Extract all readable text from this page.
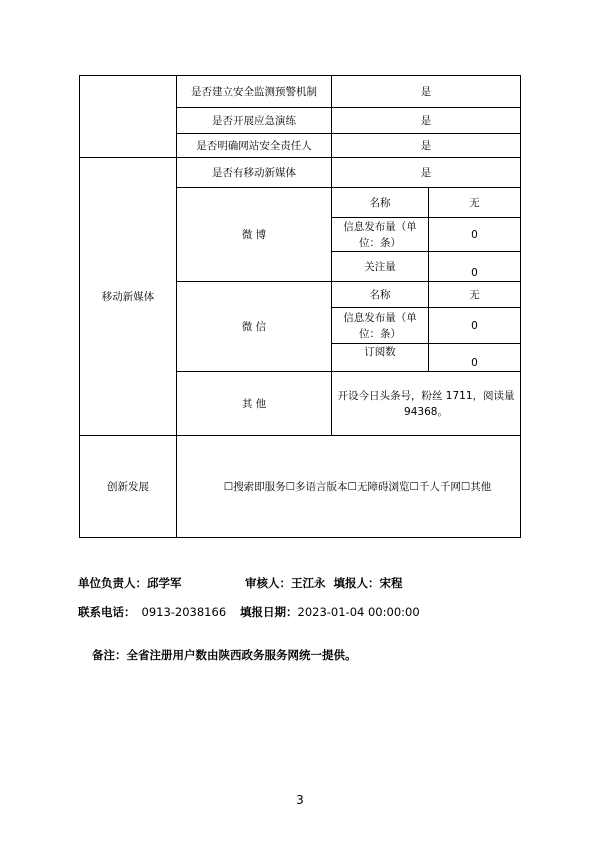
	是否建立安全监测预警机制	是	
	是否开展应急演练	是	
	是否明确网站安全责任人	是	
移动新媒体	是否有移动新媒体	是	
	微 博	名称	无
		信息发布量（单位：条）	0
		关注量	0
	微 信	名称	无
		信息发布量（单位：条）	0
		订阅数	0
	其 他	开设今日头条号，粉丝 1711，阅读量 94368。	
创新发展	☐搜索即服务☐多语言版本☐无障碍浏览☐千人千网☐其他		
单位负责人：邱学军	审核人：王江永 填报人：宋程
联系电话： 0913-2038166 填报日期：2023-01-04 00:00:00
备注：全省注册用户数由陕西政务服务网统一提供。
3
